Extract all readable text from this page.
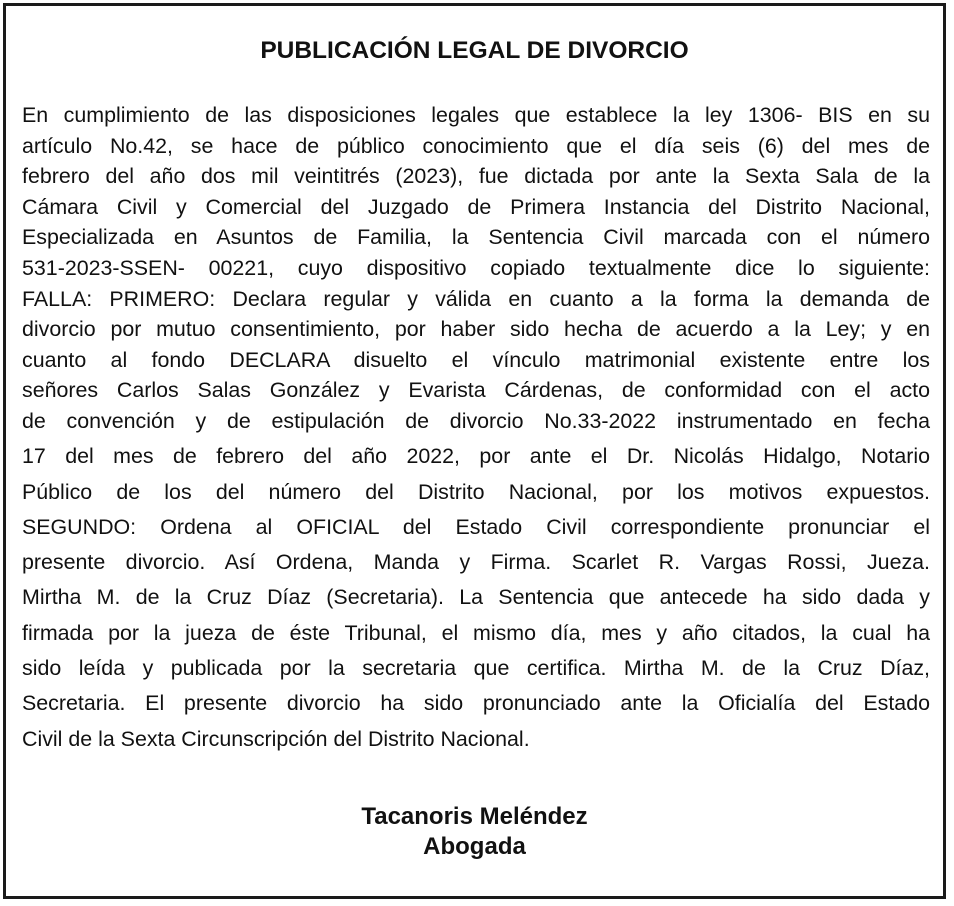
PUBLICACIÓN LEGAL DE DIVORCIO
En cumplimiento de las disposiciones legales que establece la ley 1306- BIS en su
artículo No.42, se hace de público conocimiento que el día seis (6) del mes de
febrero del año dos mil veintitrés (2023), fue dictada por ante la Sexta Sala de la
Cámara Civil y Comercial del Juzgado de Primera Instancia del Distrito Nacional,
Especializada en Asuntos de Familia, la Sentencia Civil marcada con el número
531-2023-SSEN- 00221, cuyo dispositivo copiado textualmente dice lo siguiente:
FALLA: PRIMERO: Declara regular y válida en cuanto a la forma la demanda de
divorcio por mutuo consentimiento, por haber sido hecha de acuerdo a la Ley; y en
cuanto al fondo DECLARA disuelto el vínculo matrimonial existente entre los
señores Carlos Salas González y Evarista Cárdenas, de conformidad con el acto
de convención y de estipulación de divorcio No.33-2022 instrumentado en fecha
17 del mes de febrero del año 2022, por ante el Dr. Nicolás Hidalgo, Notario
Público de los del número del Distrito Nacional, por los motivos expuestos.
SEGUNDO: Ordena al OFICIAL del Estado Civil correspondiente pronunciar el
presente divorcio. Así Ordena, Manda y Firma. Scarlet R. Vargas Rossi, Jueza.
Mirtha M. de la Cruz Díaz (Secretaria). La Sentencia que antecede ha sido dada y
firmada por la jueza de éste Tribunal, el mismo día, mes y año citados, la cual ha
sido leída y publicada por la secretaria que certifica. Mirtha M. de la Cruz Díaz,
Secretaria. El presente divorcio ha sido pronunciado ante la Oficialía del Estado
Civil de la Sexta Circunscripción del Distrito Nacional.
Tacanoris Meléndez
Abogada
